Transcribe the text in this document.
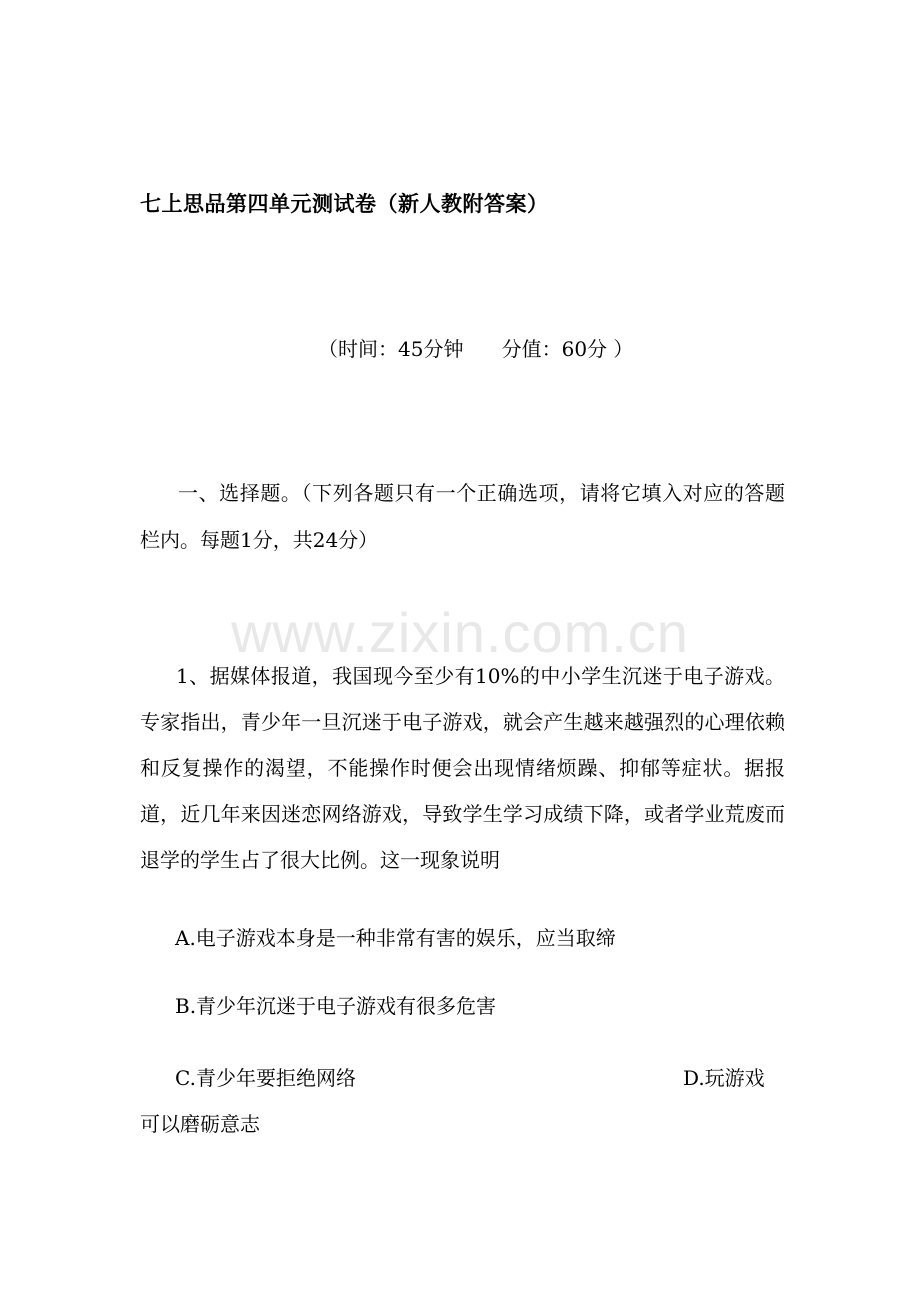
七上思品第四单元测试卷（新人教附答案）
（时间：45分钟      分值：60分 ）
一、选择题。（下列各题只有一个正确选项，请将它填入对应的答题栏内。每题1分，共24分）
www.zixin.com.cn
1、据媒体报道，我国现今至少有10%的中小学生沉迷于电子游戏。专家指出，青少年一旦沉迷于电子游戏，就会产生越来越强烈的心理依赖和反复操作的渴望，不能操作时便会出现情绪烦躁、抑郁等症状。据报道，近几年来因迷恋网络游戏，导致学生学习成绩下降，或者学业荒废而退学的学生占了很大比例。这一现象说明
A.电子游戏本身是一种非常有害的娱乐，应当取缔
B.青少年沉迷于电子游戏有很多危害
C.青少年要拒绝网络	D.玩游戏
可以磨砺意志
